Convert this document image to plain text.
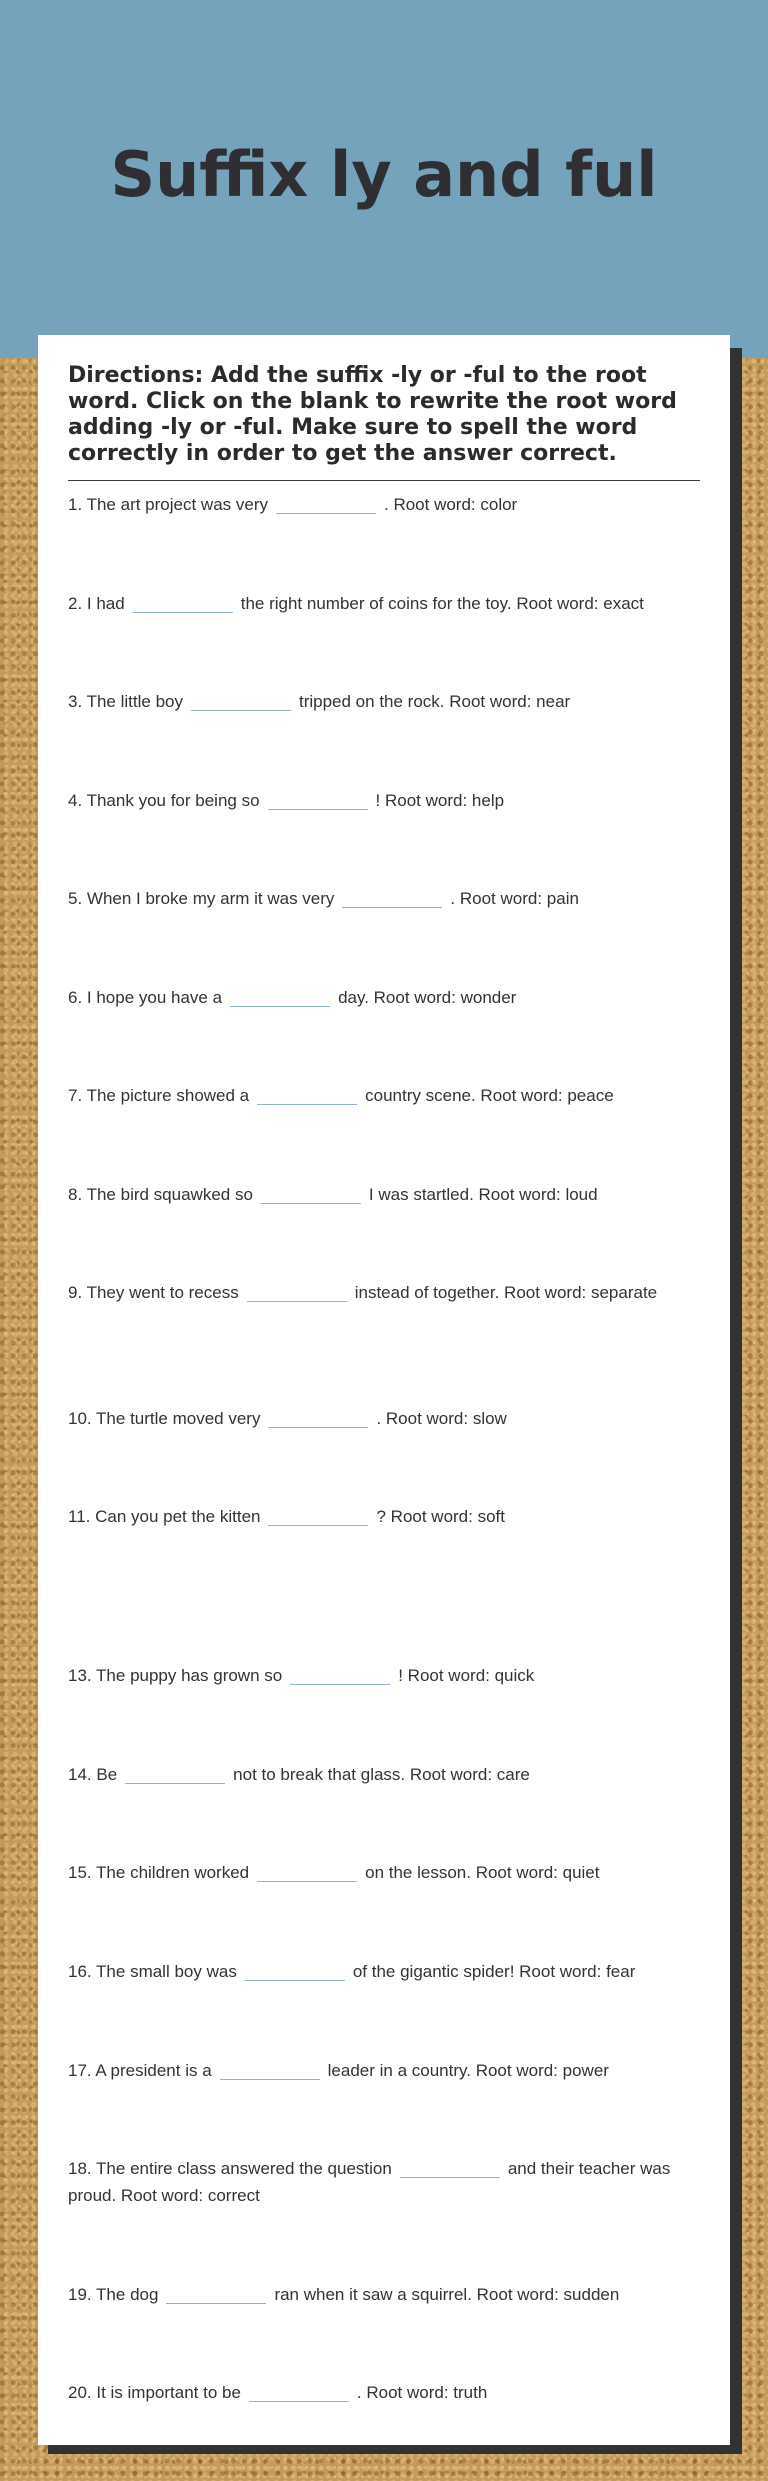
Suffix ly and ful
Directions: Add the suffix -ly or -ful to the root word. Click on the blank to rewrite the root word adding -ly or -ful. Make sure to spell the word correctly in order to get the answer correct.
1. The art project was very	. Root word: color
2. I had	the right number of coins for the toy. Root word: exact
3. The little boy	tripped on the rock. Root word: near
4. Thank you for being so	! Root word: help
5. When I broke my arm it was very	. Root word: pain
6. I hope you have a	day. Root word: wonder
7. The picture showed a	country scene. Root word: peace
8. The bird squawked so	I was startled. Root word: loud
9. They went to recess	instead of together. Root word: separate
10. The turtle moved very	. Root word: slow
11. Can you pet the kitten	? Root word: soft
13. The puppy has grown so	! Root word: quick
14. Be	not to break that glass. Root word: care
15. The children worked	on the lesson. Root word: quiet
16. The small boy was	of the gigantic spider! Root word: fear
17. A president is a	leader in a country. Root word: power
18. The entire class answered the question	and their teacher was proud. Root word: correct
19. The dog	ran when it saw a squirrel. Root word: sudden
20. It is important to be	. Root word: truth
